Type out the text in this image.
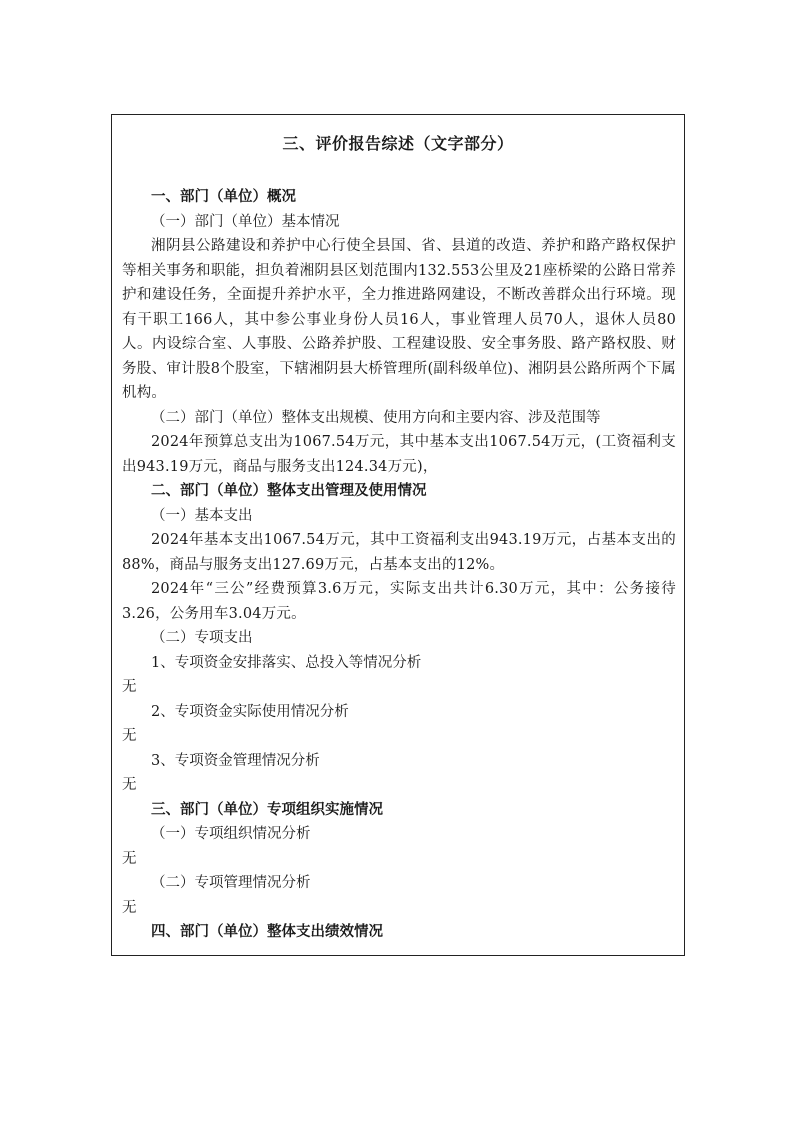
三、评价报告综述（文字部分）

一、部门（单位）概况

（一）部门（单位）基本情况

湘阴县公路建设和养护中心行使全县国、省、县道的改造、养护和路产路权保护等相关事务和职能，担负着湘阴县区划范围内132.553公里及21座桥梁的公路日常养护和建设任务，全面提升养护水平，全力推进路网建设，不断改善群众出行环境。现有干职工166人，其中参公事业身份人员16人，事业管理人员70人，退休人员80人。内设综合室、人事股、公路养护股、工程建设股、安全事务股、路产路权股、财务股、审计股8个股室，下辖湘阴县大桥管理所(副科级单位)、湘阴县公路所两个下属机构。

（二）部门（单位）整体支出规模、使用方向和主要内容、涉及范围等

2024年预算总支出为1067.54万元，其中基本支出1067.54万元，(工资福利支出943.19万元，商品与服务支出124.34万元)，

二、部门（单位）整体支出管理及使用情况

（一）基本支出

2024年基本支出1067.54万元，其中工资福利支出943.19万元，占基本支出的88%，商品与服务支出127.69万元，占基本支出的12%。

2024年“三公”经费预算3.6万元，实际支出共计6.30万元，其中：公务接待3.26，公务用车3.04万元。

（二）专项支出

1、专项资金安排落实、总投入等情况分析

无

2、专项资金实际使用情况分析

无

3、专项资金管理情况分析

无

三、部门（单位）专项组织实施情况

（一）专项组织情况分析

无

（二）专项管理情况分析

无

四、部门（单位）整体支出绩效情况
